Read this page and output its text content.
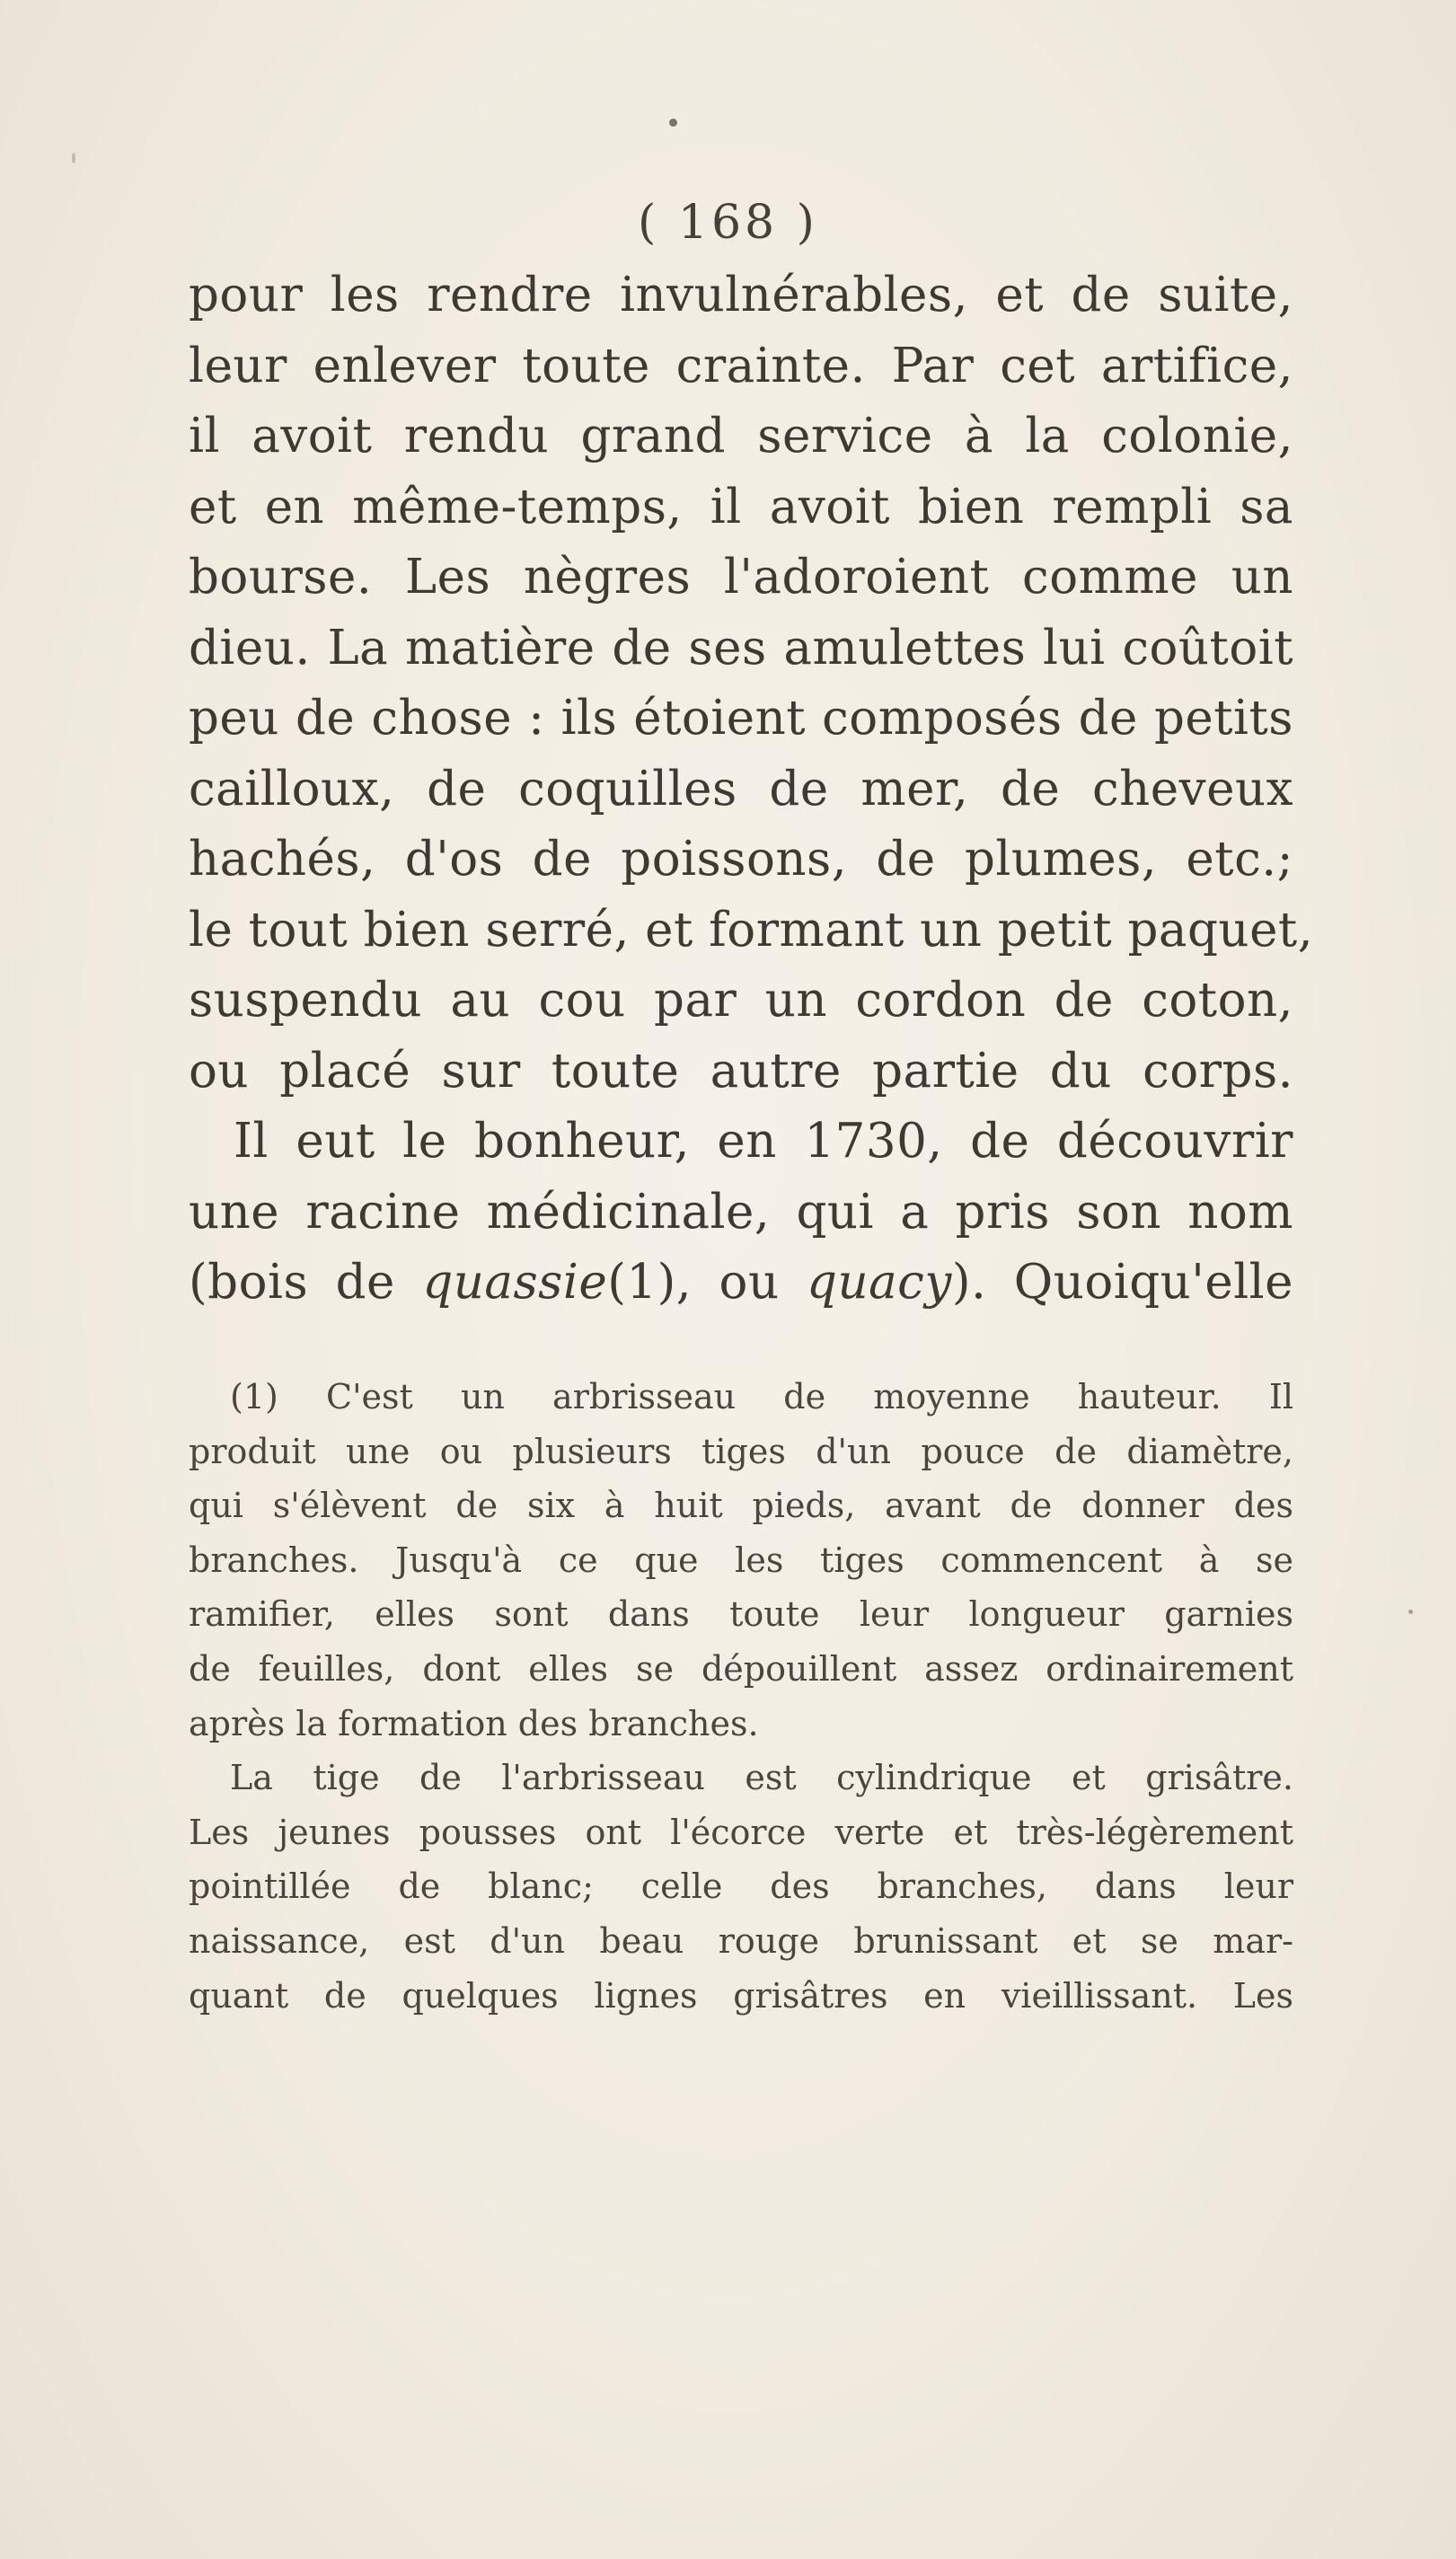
( 168 )
pour les rendre invulnérables, et de suite,
leur enlever toute crainte. Par cet artifice,
il avoit rendu grand service à la colonie,
et en même-temps, il avoit bien rempli sa
bourse. Les nègres l'adoroient comme un
dieu. La matière de ses amulettes lui coûtoit
peu de chose : ils étoient composés de petits
cailloux, de coquilles de mer, de cheveux
hachés, d'os de poissons, de plumes, etc.;
le tout bien serré, et formant un petit paquet,
suspendu au cou par un cordon de coton,
ou placé sur toute autre partie du corps.
Il eut le bonheur, en 1730, de découvrir
une racine médicinale, qui a pris son nom
(bois de quassie(1), ou quacy). Quoiqu'elle
(1) C'est un arbrisseau de moyenne hauteur. Il
produit une ou plusieurs tiges d'un pouce de diamètre,
qui s'élèvent de six à huit pieds, avant de donner des
branches. Jusqu'à ce que les tiges commencent à se
ramifier, elles sont dans toute leur longueur garnies
de feuilles, dont elles se dépouillent assez ordinairement
après la formation des branches.
La tige de l'arbrisseau est cylindrique et grisâtre.
Les jeunes pousses ont l'écorce verte et très-légèrement
pointillée de blanc; celle des branches, dans leur
naissance, est d'un beau rouge brunissant et se mar-
quant de quelques lignes grisâtres en vieillissant. Les
